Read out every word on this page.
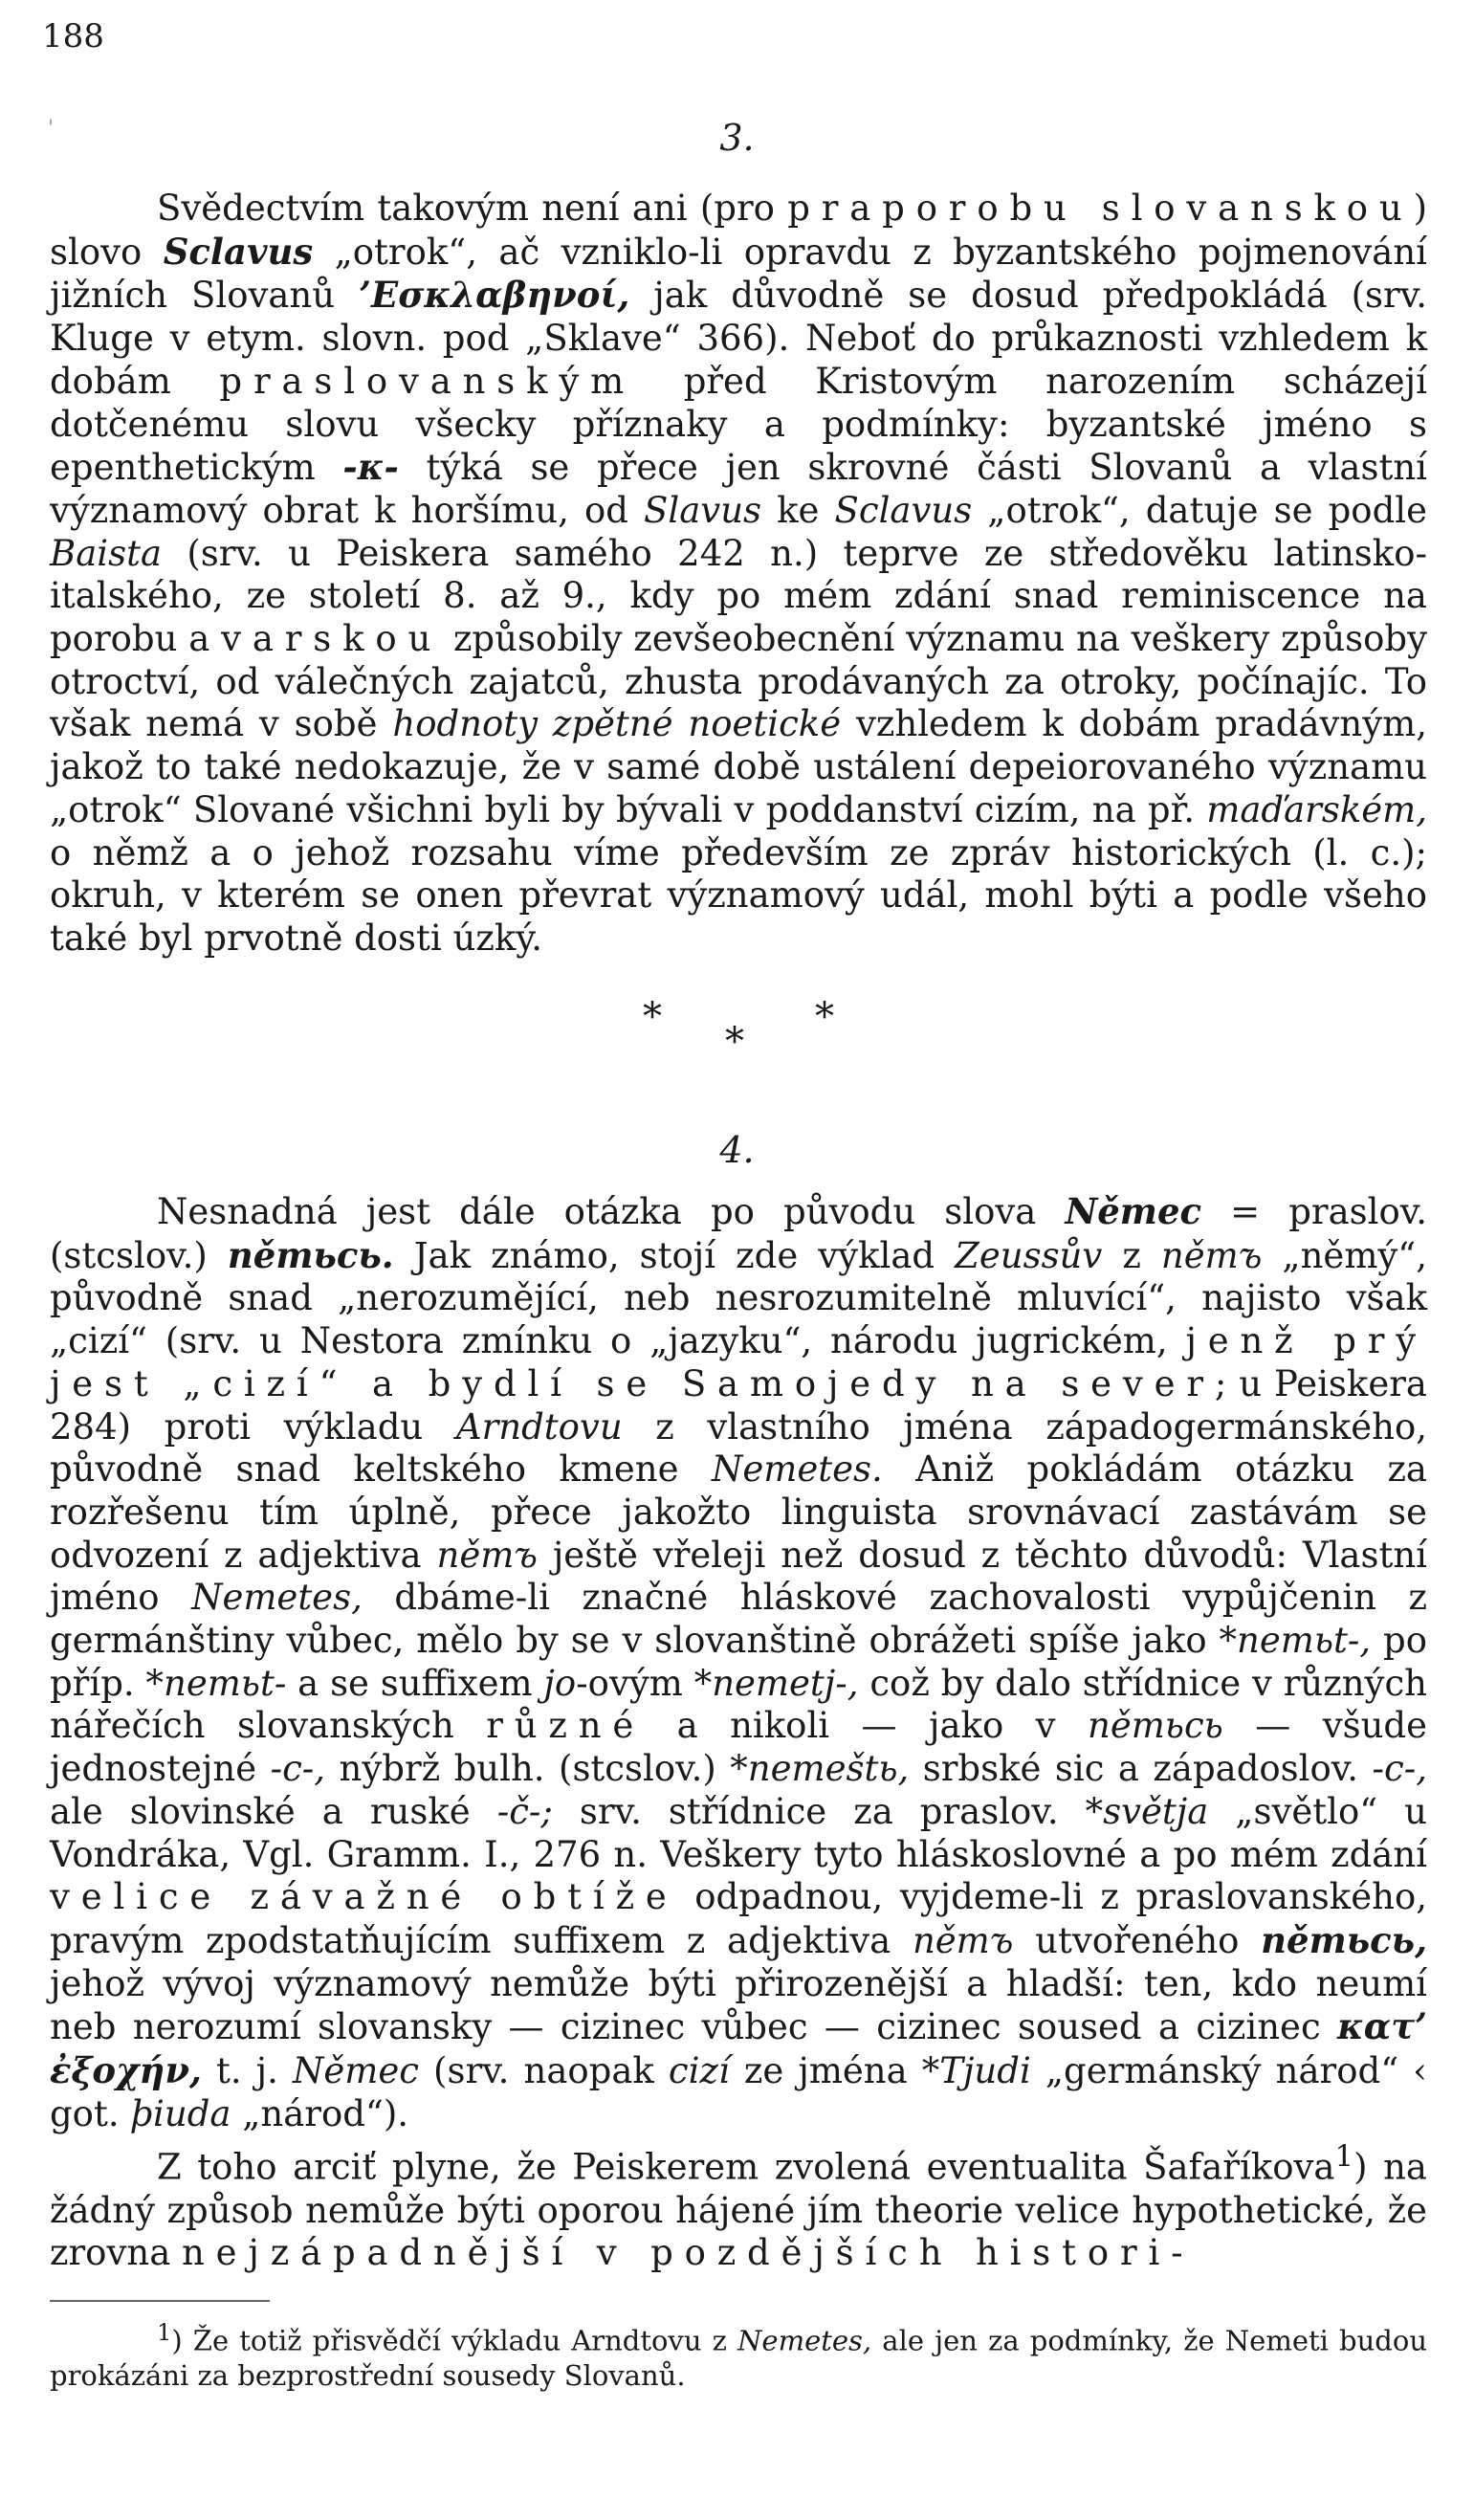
188
'	3.

Svědectvím takovým není ani (pro praporobu slovanskou) slovo Sclavus „otrok“, ač vzniklo-li opravdu z byzantského pojmenování jižních Slovanů ’Εσκλαβηνοί, jak důvodně se dosud předpokládá (srv. Kluge v etym. slovn. pod „Sklave“ 366). Neboť do průkaznosti vzhledem k dobám praslovanským před Kristovým narozením scházejí dotčenému slovu všecky příznaky a podmínky: byzantské jméno s epenthetickým -κ- týká se přece jen skrovné části Slovanů a vlastní významový obrat k horšímu, od Slavus ke Sclavus „otrok“, datuje se podle Baista (srv. u Peiskera samého 242 n.) teprve ze středověku latinsko-italského, ze století 8. až 9., kdy po mém zdání snad reminiscence na porobu avarskou způsobily zevšeobecnění významu na veškery způsoby otroctví, od válečných zajatců, zhusta prodávaných za otroky, počínajíc. To však nemá v sobě hodnoty zpětné noetické vzhledem k dobám pradávným, jakož to také nedokazuje, že v samé době ustálení depeiorovaného významu „otrok“ Slované všichni byli by bývali v poddanství cizím, na př. maďarském, o němž a o jehož rozsahu víme především ze zpráv historických (l. c.); okruh, v kterém se onen převrat významový udál, mohl býti a podle všeho také byl prvotně dosti úzký.

*
*
*
4.

Nesnadná jest dále otázka po původu slova Němec = praslov. (stcslov.) němьcь. Jak známo, stojí zde výklad Zeussův z němъ „němý“, původně snad „nerozumějící, neb nesrozumitelně mluvící“, najisto však „cizí“ (srv. u Nestora zmínku o „jazyku“, národu jugrickém, jenž prý jest „cizí“ a bydlí se Samojedy na sever; u Peiskera 284) proti výkladu Arndtovu z vlastního jména západogermánského, původně snad keltského kmene Nemetes. Aniž pokládám otázku za rozřešenu tím úplně, přece jakožto linguista srovnávací zastávám se odvození z adjektiva němъ ještě vřeleji než dosud z těchto důvodů: Vlastní jméno Nemetes, dbáme-li značné hláskové zachovalosti vypůjčenin z germánštiny vůbec, mělo by se v slovanštině obrážeti spíše jako *nemьt-, po příp. *nemьt- a se suffixem jo-ovým *nemetj-, což by dalo střídnice v různých nářečích slovanských různé a nikoli — jako v němьcь — všude jednostejné -c-, nýbrž bulh. (stcslov.) *nemeštь, srbské sic a západoslov. -c-, ale slovinské a ruské -č-; srv. střídnice za praslov. *světja „světlo“ u Vondráka, Vgl. Gramm. I., 276 n. Veškery tyto hláskoslovné a po mém zdání velice závažné obtíže odpadnou, vyjdeme-li z praslovanského, pravým zpodstatňujícím suffixem z adjektiva němъ utvořeného němьcь, jehož vývoj významový nemůže býti přirozenější a hladší: ten, kdo neumí neb nerozumí slovansky — cizinec vůbec — cizinec soused a cizinec κατ’ ἐξοχήν, t. j. Němec (srv. naopak cizí ze jména *Tjudi „germánský národ“ ‹ got. þiuda „národ“).

Z toho arciť plyne, že Peiskerem zvolená eventualita Šafaříkova$^1$) na žádný způsob nemůže býti oporou hájené jím theorie velice hypothetické, že zrovna nejzápadnější v pozdějších histori-

$^1$) Že totiž přisvědčí výkladu Arndtovu z Nemetes, ale jen za podmínky, že Nemeti budou prokázáni za bezprostřední sousedy Slovanů.
